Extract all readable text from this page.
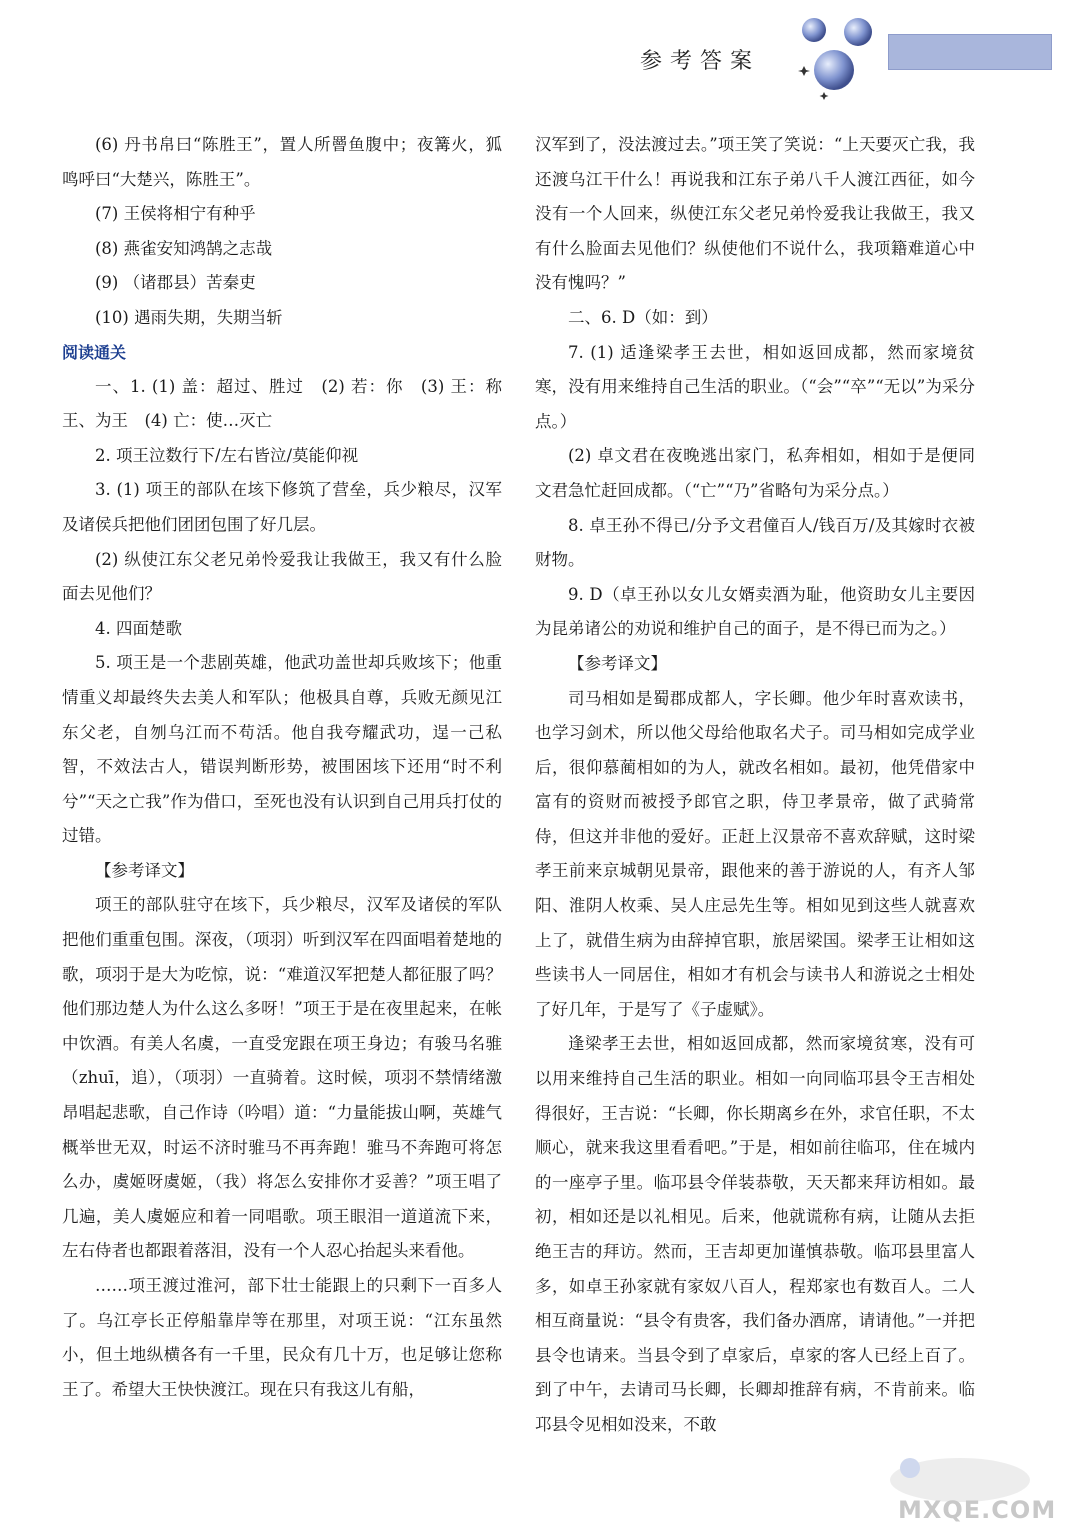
参考答案

(6) 丹书帛曰“陈胜王”，置人所罾鱼腹中；夜篝火，狐鸣呼曰“大楚兴，陈胜王”。

(7) 王侯将相宁有种乎

(8) 燕雀安知鸿鹄之志哉

(9) （诸郡县）苦秦吏

(10) 遇雨失期，失期当斩

阅读通关

一、1. (1) 盖：超过、胜过　(2) 若：你　(3) 王：称王、为王　(4) 亡：使…灭亡

2. 项王泣数行下/左右皆泣/莫能仰视

3. (1) 项王的部队在垓下修筑了营垒，兵少粮尽，汉军及诸侯兵把他们团团包围了好几层。

(2) 纵使江东父老兄弟怜爱我让我做王，我又有什么脸面去见他们？

4. 四面楚歌

5. 项王是一个悲剧英雄，他武功盖世却兵败垓下；他重情重义却最终失去美人和军队；他极具自尊，兵败无颜见江东父老，自刎乌江而不苟活。他自我夸耀武功，逞一己私智，不效法古人，错误判断形势，被围困垓下还用“时不利兮”“天之亡我”作为借口，至死也没有认识到自己用兵打仗的过错。

【参考译文】

项王的部队驻守在垓下，兵少粮尽，汉军及诸侯的军队把他们重重包围。深夜，（项羽）听到汉军在四面唱着楚地的歌，项羽于是大为吃惊，说：“难道汉军把楚人都征服了吗？他们那边楚人为什么这么多呀！”项王于是在夜里起来，在帐中饮酒。有美人名虞，一直受宠跟在项王身边；有骏马名骓（zhuī，追），（项羽）一直骑着。这时候，项羽不禁情绪激昂唱起悲歌，自己作诗（吟唱）道：“力量能拔山啊，英雄气概举世无双，时运不济时骓马不再奔跑！骓马不奔跑可将怎么办，虞姬呀虞姬，（我）将怎么安排你才妥善？”项王唱了几遍，美人虞姬应和着一同唱歌。项王眼泪一道道流下来，左右侍者也都跟着落泪，没有一个人忍心抬起头来看他。

……项王渡过淮河，部下壮士能跟上的只剩下一百多人了。乌江亭长正停船靠岸等在那里，对项王说：“江东虽然小，但土地纵横各有一千里，民众有几十万，也足够让您称王了。希望大王快快渡江。现在只有我这儿有船，

汉军到了，没法渡过去。”项王笑了笑说：“上天要灭亡我，我还渡乌江干什么！再说我和江东子弟八千人渡江西征，如今没有一个人回来，纵使江东父老兄弟怜爱我让我做王，我又有什么脸面去见他们？纵使他们不说什么，我项籍难道心中没有愧吗？”

二、6. D（如：到）

7. (1) 适逢梁孝王去世，相如返回成都，然而家境贫寒，没有用来维持自己生活的职业。（“会”“卒”“无以”为采分点。）

(2) 卓文君在夜晚逃出家门，私奔相如，相如于是便同文君急忙赶回成都。（“亡”“乃”省略句为采分点。）

8. 卓王孙不得已/分予文君僮百人/钱百万/及其嫁时衣被财物。

9. D（卓王孙以女儿女婿卖酒为耻，他资助女儿主要因为昆弟诸公的劝说和维护自己的面子，是不得已而为之。）

【参考译文】

司马相如是蜀郡成都人，字长卿。他少年时喜欢读书，也学习剑术，所以他父母给他取名犬子。司马相如完成学业后，很仰慕蔺相如的为人，就改名相如。最初，他凭借家中富有的资财而被授予郎官之职，侍卫孝景帝，做了武骑常侍，但这并非他的爱好。正赶上汉景帝不喜欢辞赋，这时梁孝王前来京城朝见景帝，跟他来的善于游说的人，有齐人邹阳、淮阴人枚乘、吴人庄忌先生等。相如见到这些人就喜欢上了，就借生病为由辞掉官职，旅居梁国。梁孝王让相如这些读书人一同居住，相如才有机会与读书人和游说之士相处了好几年，于是写了《子虚赋》。

逢梁孝王去世，相如返回成都，然而家境贫寒，没有可以用来维持自己生活的职业。相如一向同临邛县令王吉相处得很好，王吉说：“长卿，你长期离乡在外，求官任职，不太顺心，就来我这里看看吧。”于是，相如前往临邛，住在城内的一座亭子里。临邛县令佯装恭敬，天天都来拜访相如。最初，相如还是以礼相见。后来，他就谎称有病，让随从去拒绝王吉的拜访。然而，王吉却更加谨慎恭敬。临邛县里富人多，如卓王孙家就有家奴八百人，程郑家也有数百人。二人相互商量说：“县令有贵客，我们备办酒席，请请他。”一并把县令也请来。当县令到了卓家后，卓家的客人已经上百了。到了中午，去请司马长卿，长卿却推辞有病，不肯前来。临邛县令见相如没来，不敢

MXQE.COM
